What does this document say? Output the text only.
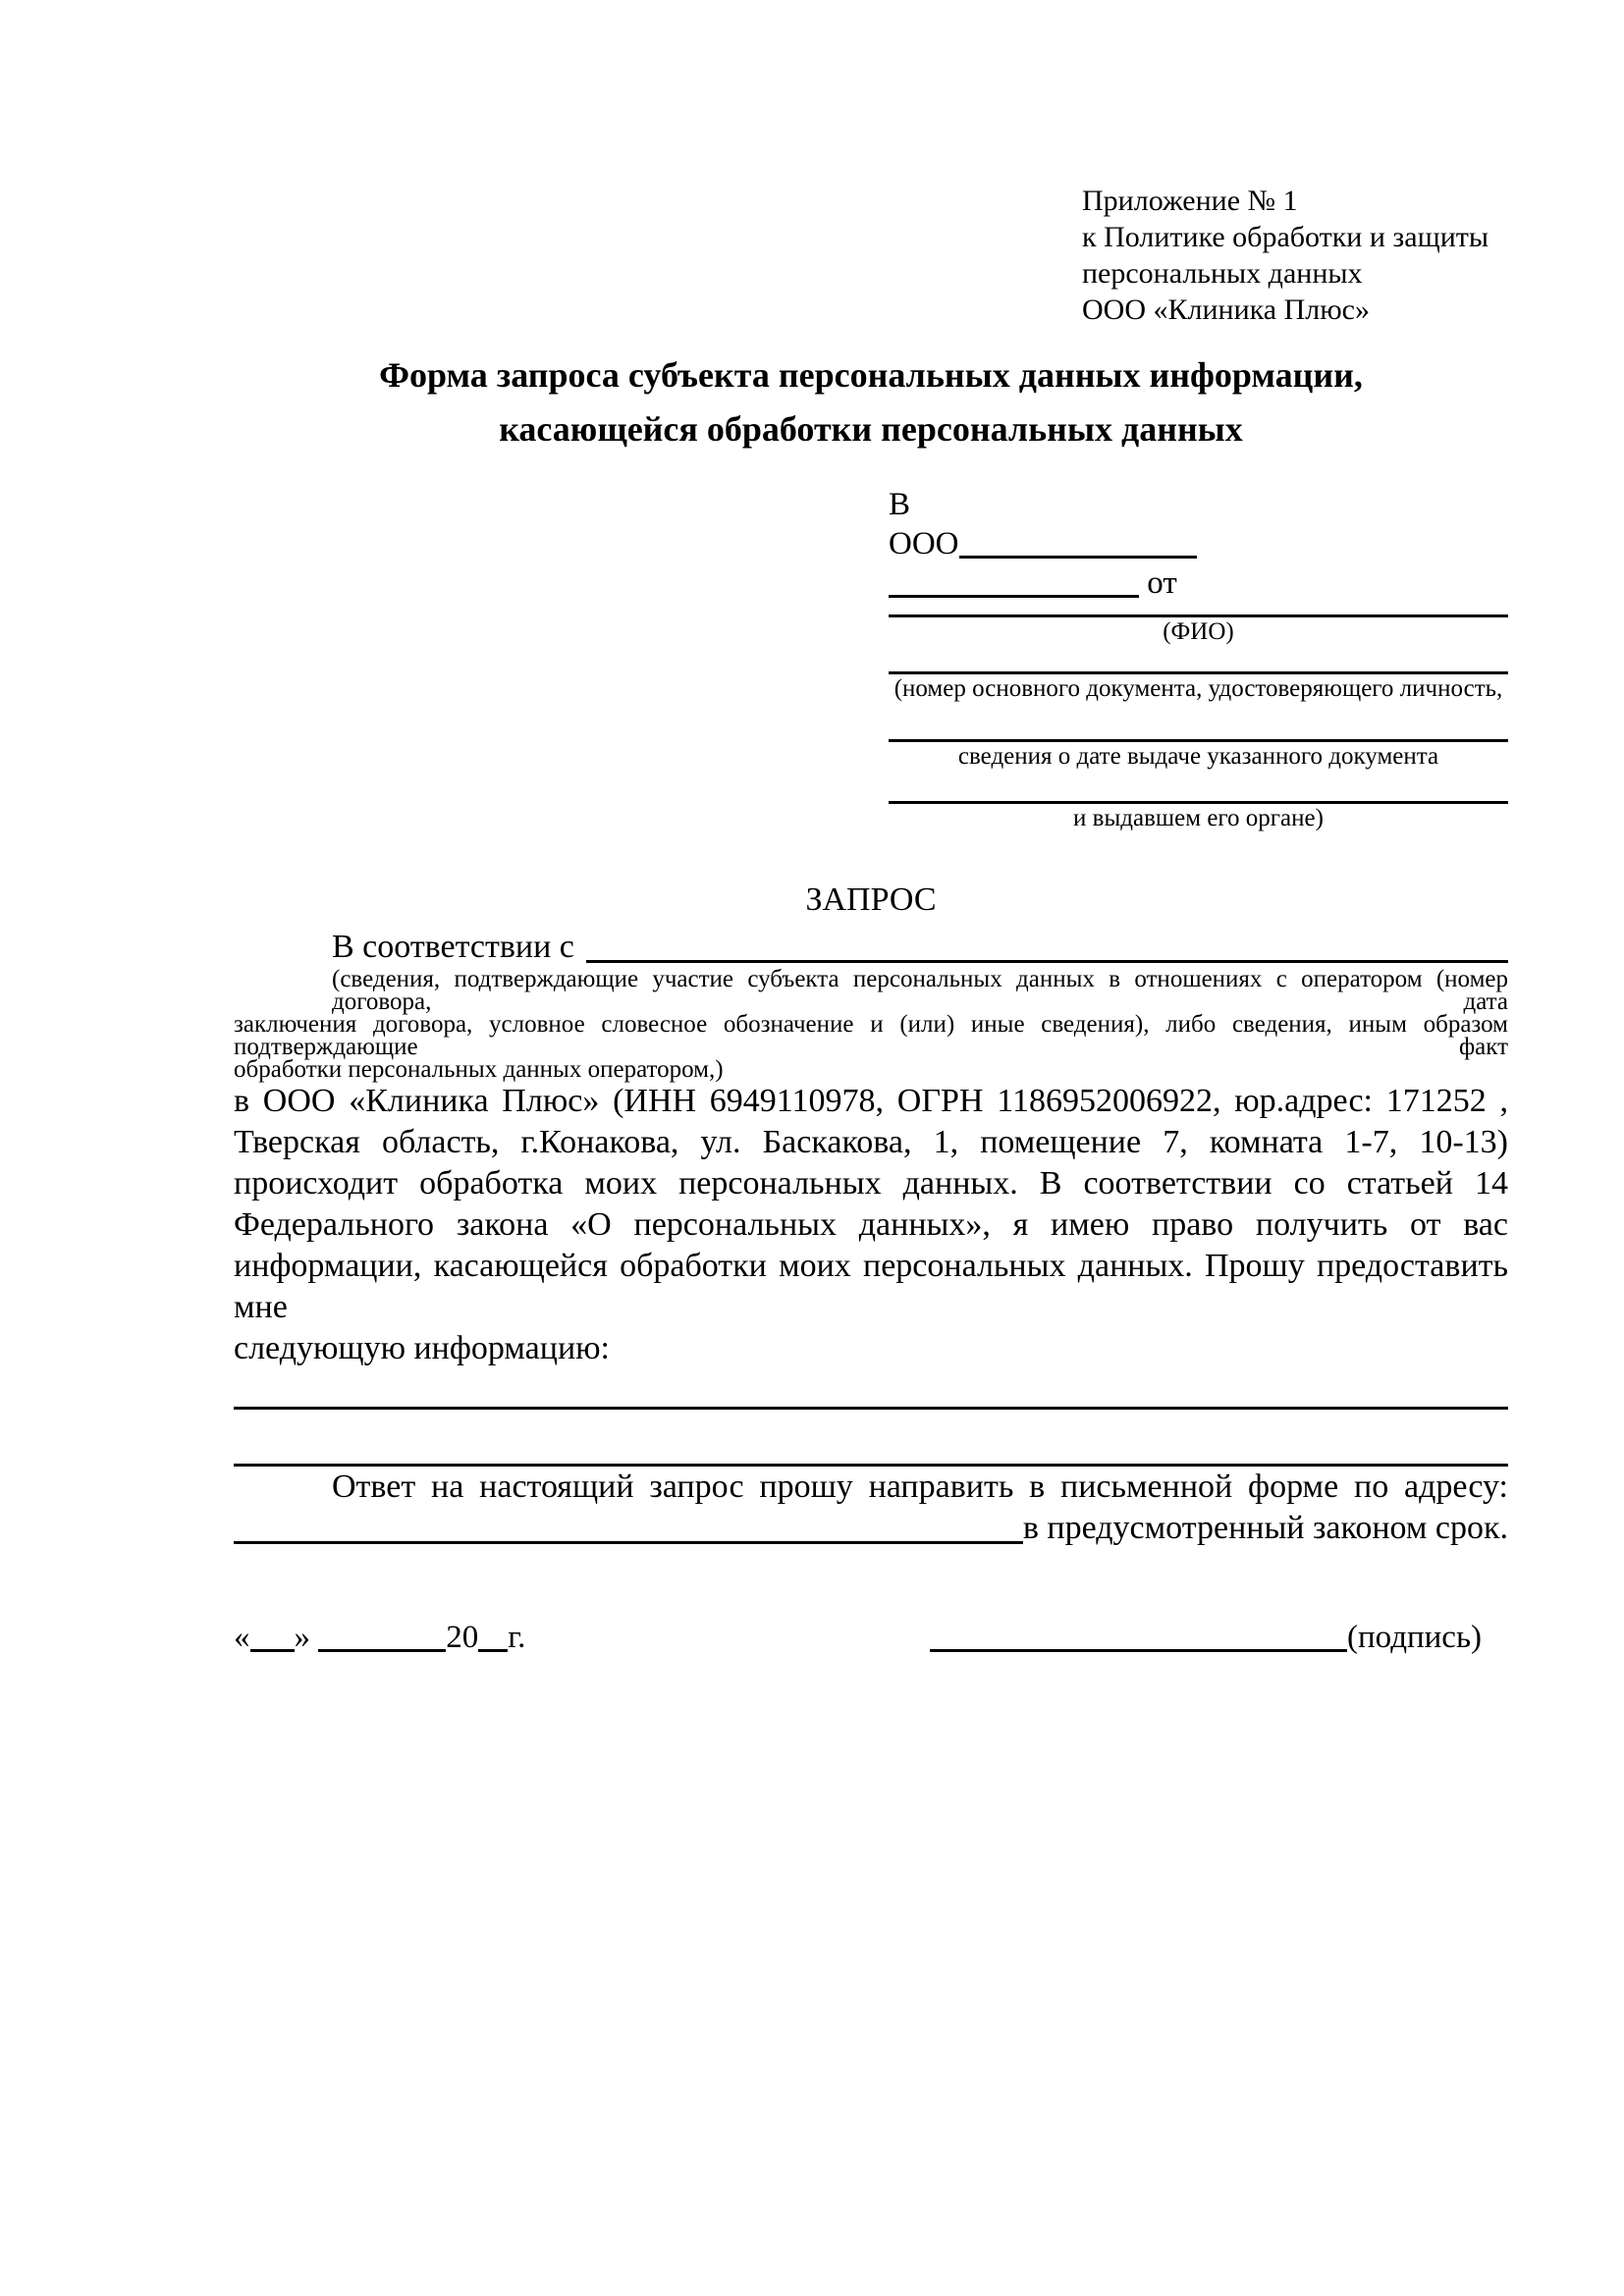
Приложение № 1
к Политике обработки и защиты
персональных данных
ООО «Клиника Плюс»
Форма запроса субъекта персональных данных информации,
касающейся обработки персональных данных
В
ООО
от
(ФИО)
(номер основного документа, удостоверяющего личность,
сведения о дате выдаче указанного документа
и выдавшем его органе)
ЗАПРОС
В соответствии с
(сведения, подтверждающие участие субъекта персональных данных в отношениях с оператором (номер договора, дата
заключения договора, условное словесное обозначение и (или) иные сведения), либо сведения, иным образом подтверждающие факт
обработки персональных данных оператором,)
в ООО «Клиника Плюс» (ИНН 6949110978, ОГРН 1186952006922, юр.адрес: 171252 ,
Тверская область, г.Конакова, ул. Баскакова, 1, помещение 7, комната 1-7, 10-13)
происходит обработка моих персональных данных. В соответствии со статьей 14
Федерального закона «О персональных данных», я имею право получить от вас
информации, касающейся обработки моих персональных данных. Прошу предоставить мне
следующую информацию:
Ответ на настоящий запрос прошу направить в письменной форме по адресу:
в предусмотренный законом срок.
« »	20 г.	(подпись)
